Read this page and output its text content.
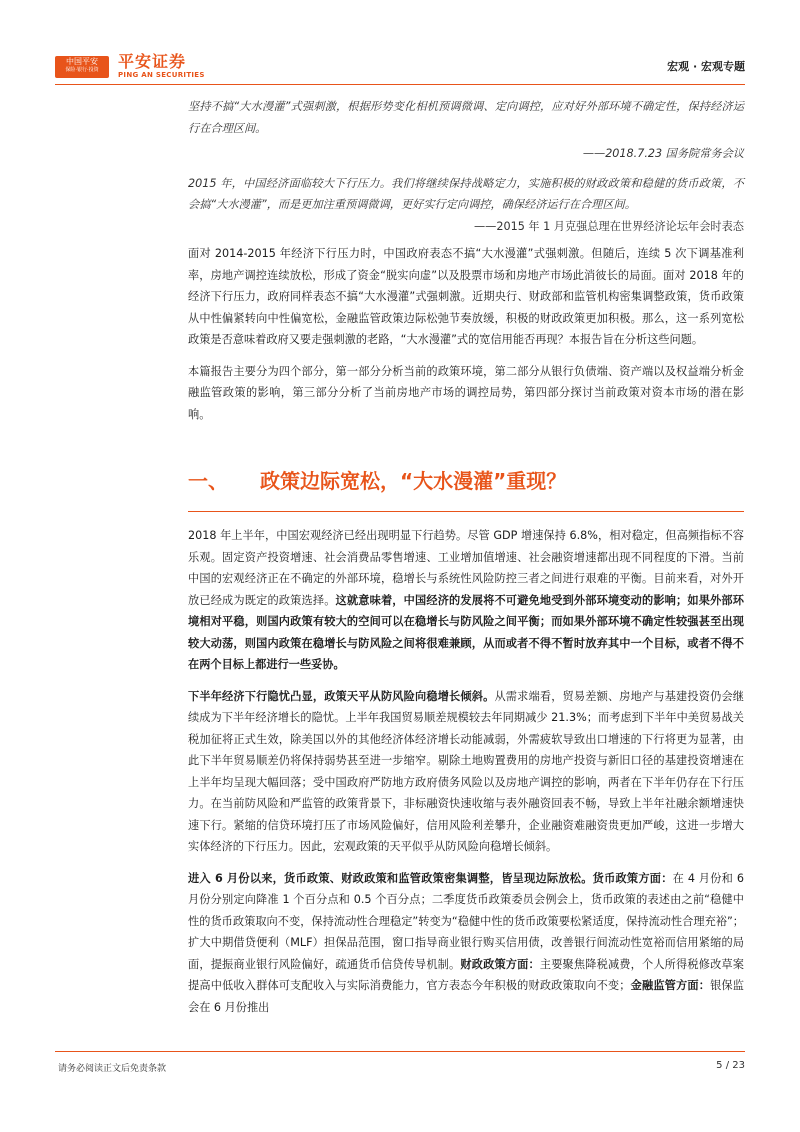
中国平安
保险·银行·投资	平安证券
PING AN SECURITIES
宏观 · 宏观专题

坚持不搞“大水漫灌”式强刺激，根据形势变化相机预调微调、定向调控，应对好外部环境不确定性，保持经济运行在合理区间。

——2018.7.23 国务院常务会议

2015 年，中国经济面临较大下行压力。我们将继续保持战略定力，实施积极的财政政策和稳健的货币政策，不会搞“大水漫灌”，而是更加注重预调微调，更好实行定向调控，确保经济运行在合理区间。

——2015 年 1 月克强总理在世界经济论坛年会时表态

面对 2014-2015 年经济下行压力时，中国政府表态不搞“大水漫灌”式强刺激。但随后，连续 5 次下调基准利率，房地产调控连续放松，形成了资金“脱实向虚”以及股票市场和房地产市场此消彼长的局面。面对 2018 年的经济下行压力，政府同样表态不搞“大水漫灌”式强刺激。近期央行、财政部和监管机构密集调整政策，货币政策从中性偏紧转向中性偏宽松，金融监管政策边际松弛节奏放缓，积极的财政政策更加积极。那么，这一系列宽松政策是否意味着政府又要走强刺激的老路，“大水漫灌”式的宽信用能否再现？本报告旨在分析这些问题。

本篇报告主要分为四个部分，第一部分分析当前的政策环境，第二部分从银行负债端、资产端以及权益端分析金融监管政策的影响，第三部分分析了当前房地产市场的调控局势，第四部分探讨当前政策对资本市场的潜在影响。

一、 政策边际宽松，“大水漫灌”重现？

2018 年上半年，中国宏观经济已经出现明显下行趋势。尽管 GDP 增速保持 6.8%，相对稳定，但高频指标不容乐观。固定资产投资增速、社会消费品零售增速、工业增加值增速、社会融资增速都出现不同程度的下滑。当前中国的宏观经济正在不确定的外部环境，稳增长与系统性风险防控三者之间进行艰难的平衡。目前来看，对外开放已经成为既定的政策选择。这就意味着，中国经济的发展将不可避免地受到外部环境变动的影响；如果外部环境相对平稳，则国内政策有较大的空间可以在稳增长与防风险之间平衡；而如果外部环境不确定性较强甚至出现较大动荡，则国内政策在稳增长与防风险之间将很难兼顾，从而或者不得不暂时放弃其中一个目标，或者不得不在两个目标上都进行一些妥协。

下半年经济下行隐忧凸显，政策天平从防风险向稳增长倾斜。从需求端看，贸易差额、房地产与基建投资仍会继续成为下半年经济增长的隐忧。上半年我国贸易顺差规模较去年同期减少 21.3%；而考虑到下半年中美贸易战关税加征将正式生效，除美国以外的其他经济体经济增长动能减弱，外需疲软导致出口增速的下行将更为显著，由此下半年贸易顺差仍将保持弱势甚至进一步缩窄。剔除土地购置费用的房地产投资与新旧口径的基建投资增速在上半年均呈现大幅回落；受中国政府严防地方政府债务风险以及房地产调控的影响，两者在下半年仍存在下行压力。在当前防风险和严监管的政策背景下，非标融资快速收缩与表外融资回表不畅，导致上半年社融余额增速快速下行。紧缩的信贷环境打压了市场风险偏好，信用风险利差攀升，企业融资难融资贵更加严峻，这进一步增大实体经济的下行压力。因此，宏观政策的天平似乎从防风险向稳增长倾斜。

进入 6 月份以来，货币政策、财政政策和监管政策密集调整，皆呈现边际放松。货币政策方面：在 4 月份和 6 月份分别定向降准 1 个百分点和 0.5 个百分点；二季度货币政策委员会例会上，货币政策的表述由之前“稳健中性的货币政策取向不变，保持流动性合理稳定”转变为“稳健中性的货币政策要松紧适度，保持流动性合理充裕”；扩大中期借贷便利（MLF）担保品范围，窗口指导商业银行购买信用债，改善银行间流动性宽裕而信用紧缩的局面，提振商业银行风险偏好，疏通货币信贷传导机制。财政政策方面：主要聚焦降税减费，个人所得税修改草案提高中低收入群体可支配收入与实际消费能力，官方表态今年积极的财政政策取向不变；金融监管方面：银保监会在 6 月份推出

请务必阅读正文后免责条款	5 / 23
